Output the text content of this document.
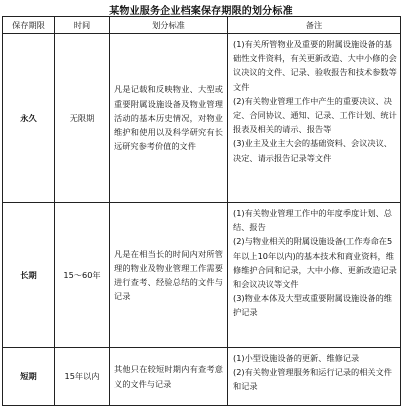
某物业服务企业档案保存期限的划分标准
保存期限	时间	划分标准	备注
永久	无限期	凡是记载和反映物业、大型或重要附属设施设备及物业管理活动的基本历史情况，对物业维护和使用以及科学研究有长远研究参考价值的文件	(1)有关所管物业及重要的附属设施设备的基础性文件资料，有关更新改造、大中小修的会议决议的文件、记录、验收报告和技术参数等文件
(2)有关物业管理工作中产生的重要决议、决定、合同协议、通知、记录、工作计划、统计报表及相关的请示、报告等
(3)业主及业主大会的基础资料、会议决议、决定、请示报告记录等文件

长期	15～60年	凡是在相当长的时间内对所管理的物业及物业管理工作需要进行查考、经验总结的文件与记录	(1)有关物业管理工作中的年度季度计划、总结、报告
(2)与物业相关的附属设施设备(工作寿命在5年以上10年以内)的基本技术和商业资料，维修维护合同和记录，大中小修、更新改造记录和会议决议等文件
(3)物业本体及大型或重要附属设施设备的维护记录

短期	15年以内	其他只在较短时期内有查考意义的文件与记录	(1)小型设施设备的更新、维修记录
(2)有关物业管理服务和运行记录的相关文件和记录
